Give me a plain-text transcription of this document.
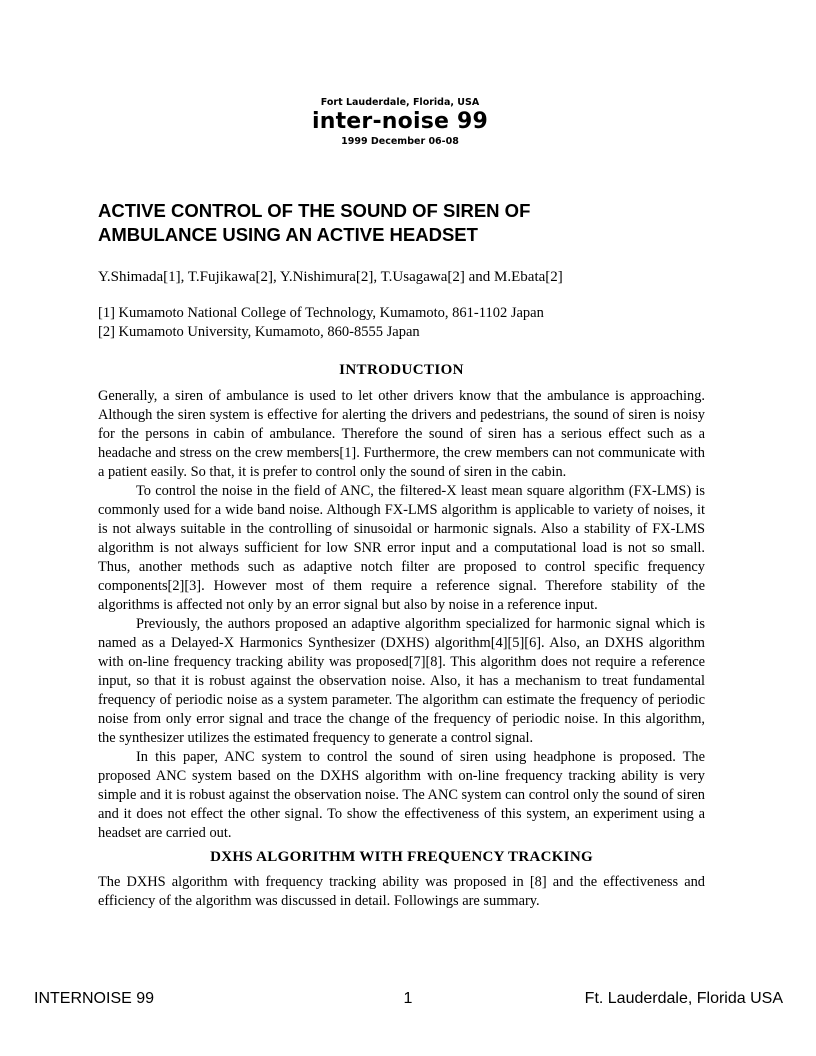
Fort Lauderdale, Florida, USA
inter-noise 99
1999 December 06-08
ACTIVE CONTROL OF THE SOUND OF SIREN OF
AMBULANCE USING AN ACTIVE HEADSET
Y.Shimada[1], T.Fujikawa[2], Y.Nishimura[2], T.Usagawa[2] and M.Ebata[2]
[1] Kumamoto National College of Technology, Kumamoto, 861-1102 Japan
[2] Kumamoto University, Kumamoto, 860-8555 Japan
INTRODUCTION

Generally, a siren of ambulance is used to let other drivers know that the ambulance is approaching. Although the siren system is effective for alerting the drivers and pedestrians, the sound of siren is noisy for the persons in cabin of ambulance. Therefore the sound of siren has a serious effect such as a headache and stress on the crew members[1]. Furthermore, the crew members can not communicate with a patient easily. So that, it is prefer to control only the sound of siren in the cabin.

To control the noise in the field of ANC, the filtered-X least mean square algorithm (FX-LMS) is commonly used for a wide band noise. Although FX-LMS algorithm is applicable to variety of noises, it is not always suitable in the controlling of sinusoidal or harmonic signals. Also a stability of FX-LMS algorithm is not always sufficient for low SNR error input and a computational load is not so small. Thus, another methods such as adaptive notch filter are proposed to control specific frequency components[2][3]. However most of them require a reference signal. Therefore stability of the algorithms is affected not only by an error signal but also by noise in a reference input.

Previously, the authors proposed an adaptive algorithm specialized for harmonic signal which is named as a Delayed-X Harmonics Synthesizer (DXHS) algorithm[4][5][6]. Also, an DXHS algorithm with on-line frequency tracking ability was proposed[7][8]. This algorithm does not require a reference input, so that it is robust against the observation noise. Also, it has a mechanism to treat fundamental frequency of periodic noise as a system parameter. The algorithm can estimate the frequency of periodic noise from only error signal and trace the change of the frequency of periodic noise. In this algorithm, the synthesizer utilizes the estimated frequency to generate a control signal.

In this paper, ANC system to control the sound of siren using headphone is proposed. The proposed ANC system based on the DXHS algorithm with on-line frequency tracking ability is very simple and it is robust against the observation noise. The ANC system can control only the sound of siren and it does not effect the other signal. To show the effectiveness of this system, an experiment using a headset are carried out.

DXHS ALGORITHM WITH FREQUENCY TRACKING

The DXHS algorithm with frequency tracking ability was proposed in [8] and the effectiveness and efficiency of the algorithm was discussed in detail. Followings are summary.

INTERNOISE 99	1	Ft. Lauderdale, Florida USA
